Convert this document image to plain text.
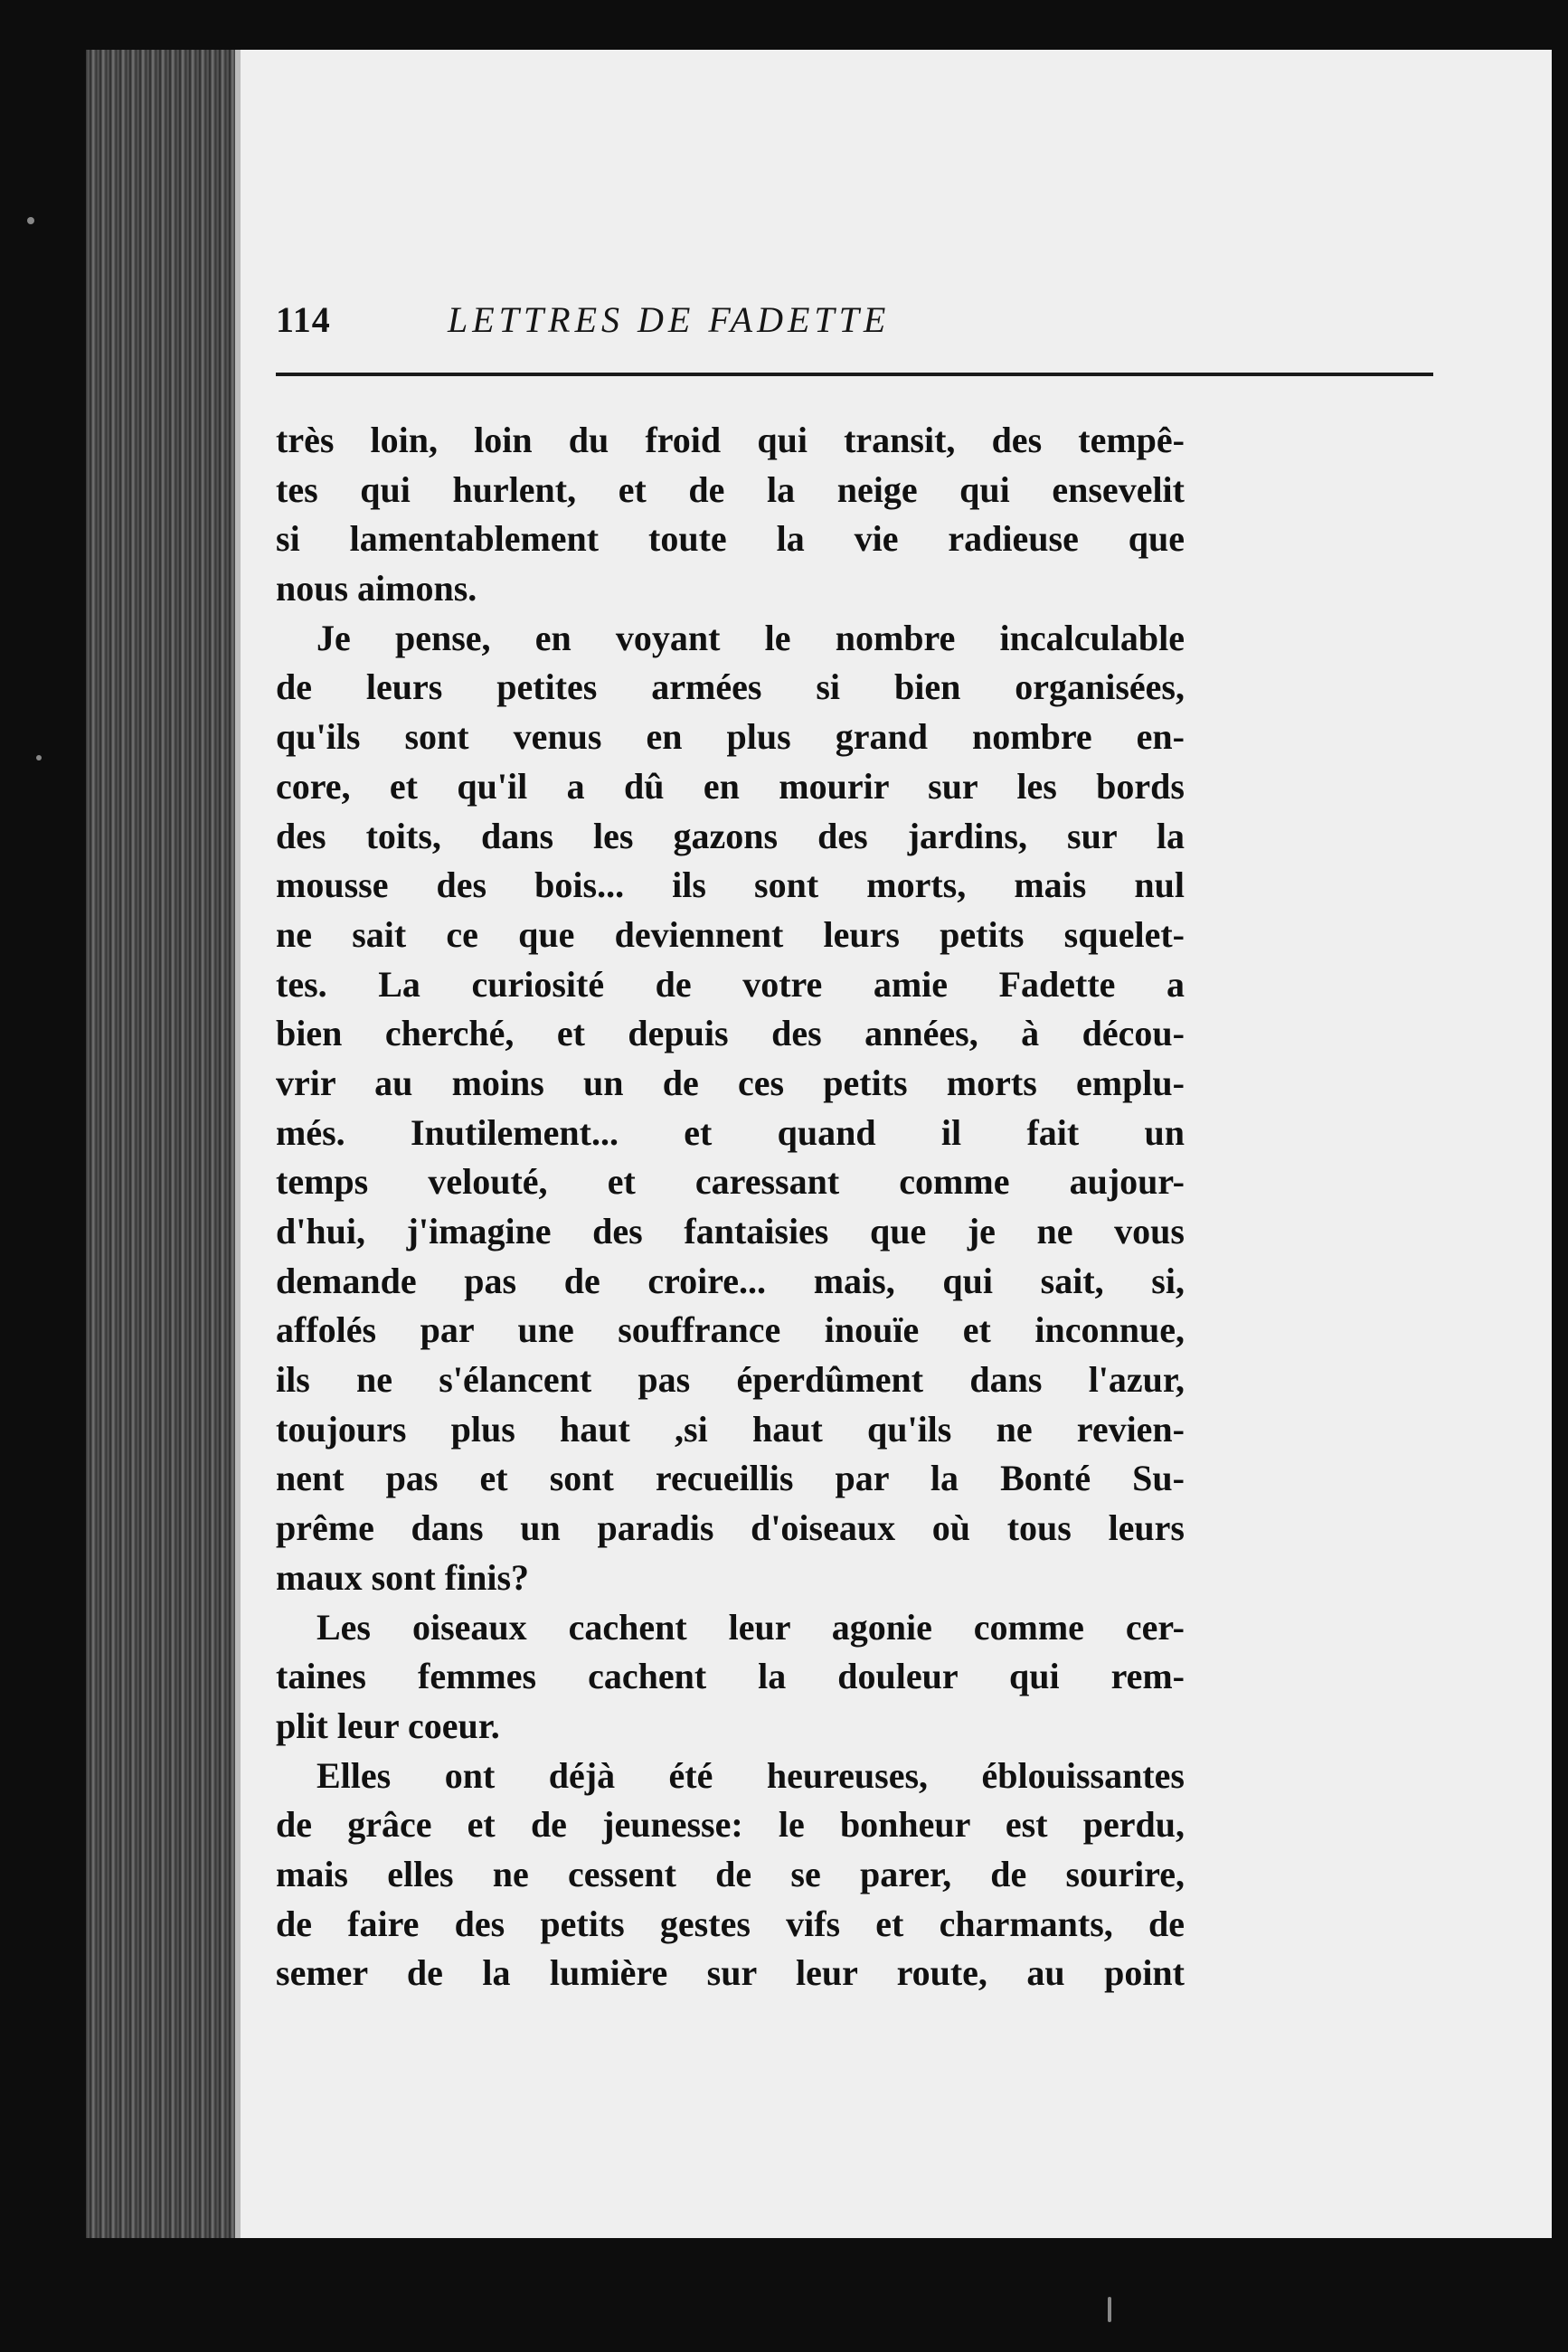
114	LETTRES DE FADETTE
très loin, loin du froid qui transit, des tempê-
tes qui hurlent, et de la neige qui ensevelit
si lamentablement toute la vie radieuse que
nous aimons.
Je pense, en voyant le nombre incalculable
de leurs petites armées si bien organisées,
qu'ils sont venus en plus grand nombre en-
core, et qu'il a dû en mourir sur les bords
des toits, dans les gazons des jardins, sur la
mousse des bois... ils sont morts, mais nul
ne sait ce que deviennent leurs petits squelet-
tes. La curiosité de votre amie Fadette a
bien cherché, et depuis des années, à décou-
vrir au moins un de ces petits morts emplu-
més. Inutilement... et quand il fait un
temps velouté, et caressant comme aujour-
d'hui, j'imagine des fantaisies que je ne vous
demande pas de croire... mais, qui sait, si,
affolés par une souffrance inouïe et inconnue,
ils ne s'élancent pas éperdûment dans l'azur,
toujours plus haut ,si haut qu'ils ne revien-
nent pas et sont recueillis par la Bonté Su-
prême dans un paradis d'oiseaux où tous leurs
maux sont finis?
Les oiseaux cachent leur agonie comme cer-
taines femmes cachent la douleur qui rem-
plit leur coeur.
Elles ont déjà été heureuses, éblouissantes
de grâce et de jeunesse: le bonheur est perdu,
mais elles ne cessent de se parer, de sourire,
de faire des petits gestes vifs et charmants, de
semer de la lumière sur leur route, au point
